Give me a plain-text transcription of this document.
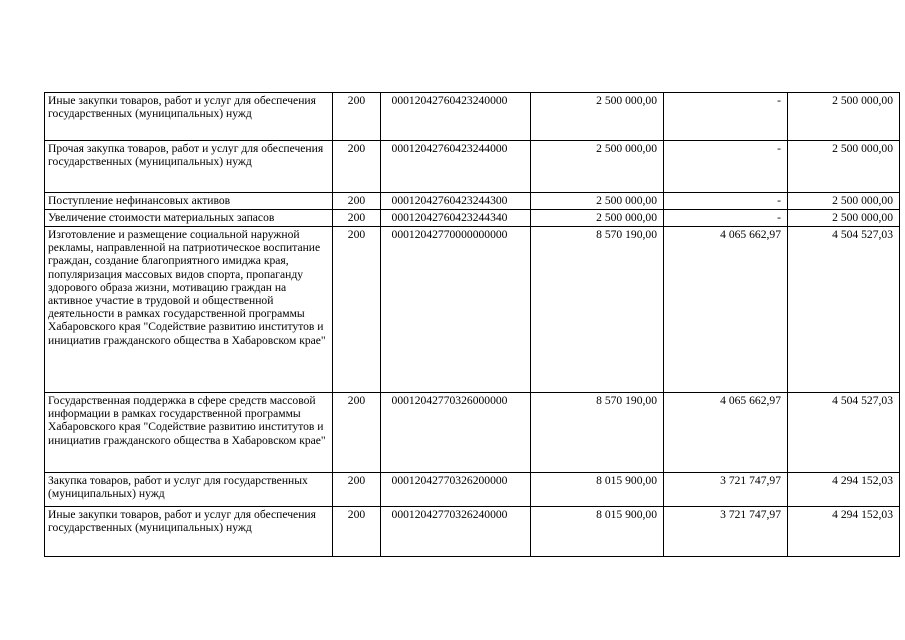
Иные закупки товаров, работ и услуг для обеспечения государственных (муниципальных) нужд	200	00012042760423240000	2 500 000,00	-	2 500 000,00
Прочая закупка товаров, работ и услуг для обеспечения государственных (муниципальных) нужд	200	00012042760423244000	2 500 000,00	-	2 500 000,00
Поступление нефинансовых активов	200	00012042760423244300	2 500 000,00	-	2 500 000,00
Увеличение стоимости материальных запасов	200	00012042760423244340	2 500 000,00	-	2 500 000,00
Изготовление и размещение социальной наружной рекламы, направленной на патриотическое воспитание граждан, создание благоприятного имиджа края, популяризация массовых видов спорта, пропаганду здорового образа жизни, мотивацию граждан на активное участие в трудовой и общественной деятельности в рамках государственной программы Хабаровского края "Содействие развитию институтов и инициатив гражданского общества в Хабаровском крае"	200	00012042770000000000	8 570 190,00	4 065 662,97	4 504 527,03
Государственная поддержка в сфере средств массовой информации в рамках государственной программы Хабаровского края "Содействие развитию институтов и инициатив гражданского общества в Хабаровском крае"	200	00012042770326000000	8 570 190,00	4 065 662,97	4 504 527,03
Закупка товаров, работ и услуг для государственных (муниципальных) нужд	200	00012042770326200000	8 015 900,00	3 721 747,97	4 294 152,03
Иные закупки товаров, работ и услуг для обеспечения государственных (муниципальных) нужд	200	00012042770326240000	8 015 900,00	3 721 747,97	4 294 152,03
